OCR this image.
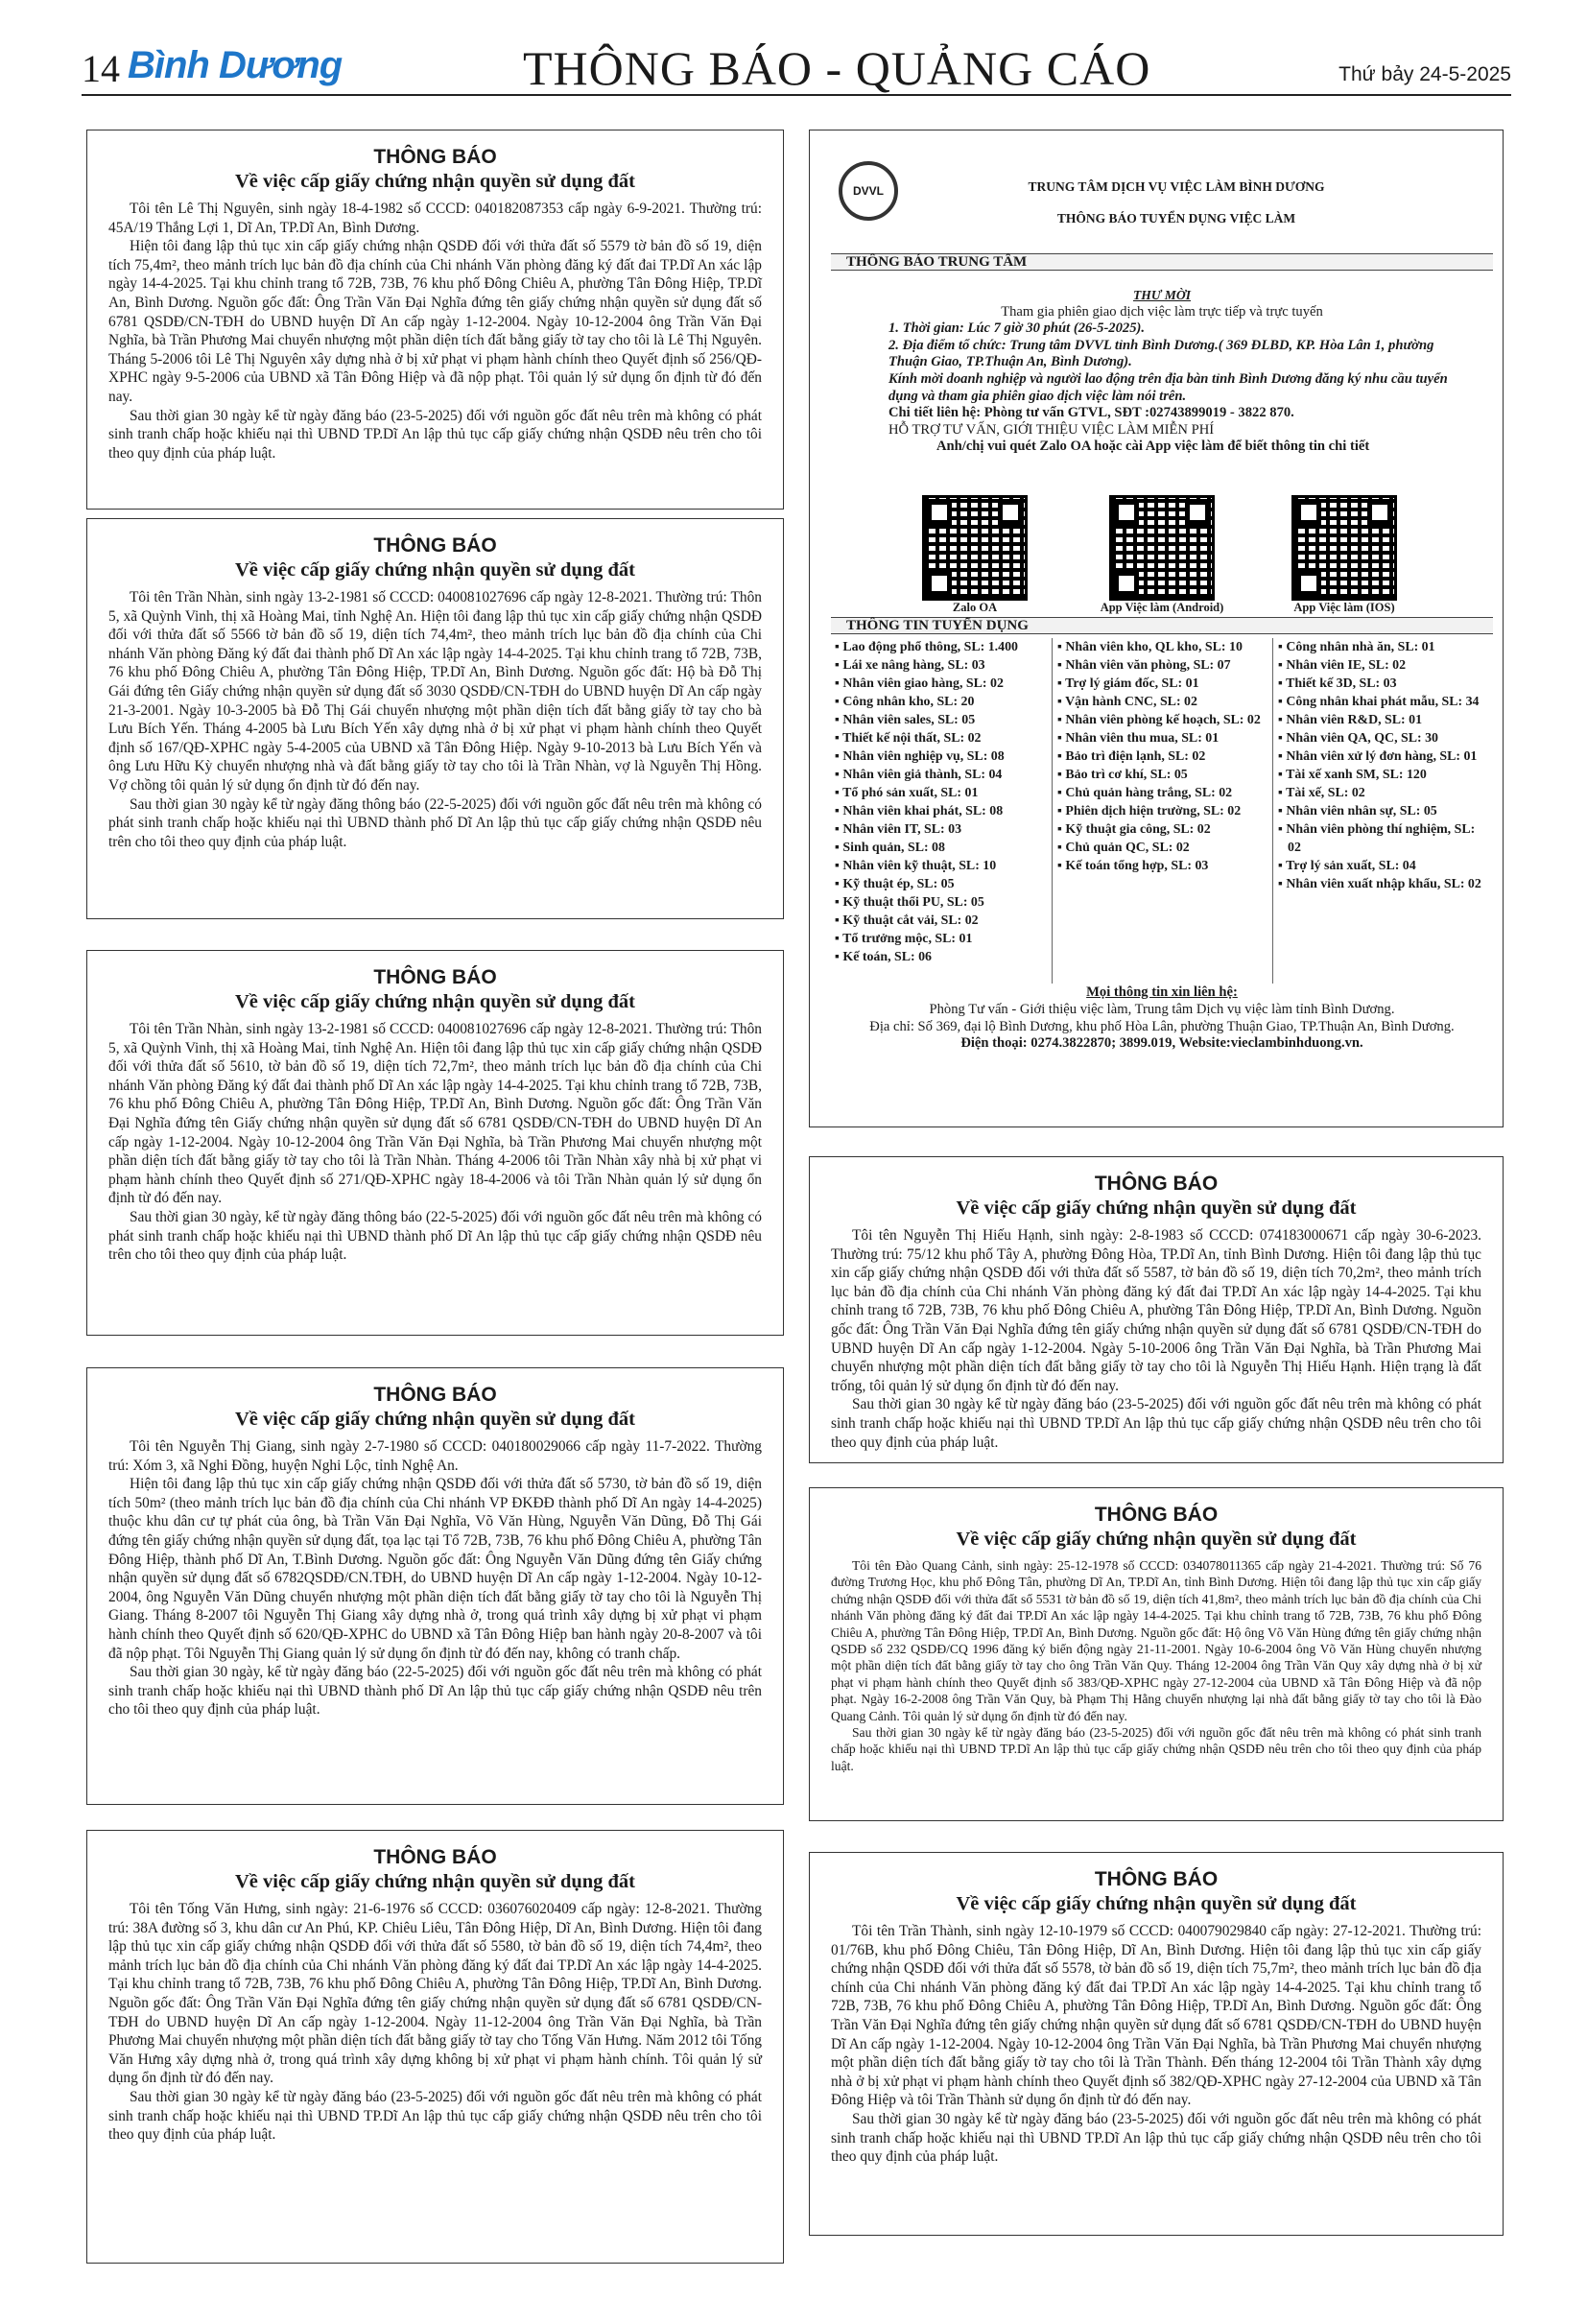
14 Bình Dương	THÔNG BÁO - QUẢNG CÁO	Thứ bảy 24-5-2025
THÔNG BÁO
Về việc cấp giấy chứng nhận quyền sử dụng đất

Tôi tên Lê Thị Nguyên, sinh ngày 18-4-1982 số CCCD: 040182087353 cấp ngày 6-9-2021. Thường trú: 45A/19 Thắng Lợi 1, Dĩ An, TP.Dĩ An, Bình Dương.

Hiện tôi đang lập thủ tục xin cấp giấy chứng nhận QSDĐ đối với thửa đất số 5579 tờ bản đồ số 19, diện tích 75,4m², theo mảnh trích lục bản đồ địa chính của Chi nhánh Văn phòng đăng ký đất đai TP.Dĩ An xác lập ngày 14-4-2025. Tại khu chỉnh trang tổ 72B, 73B, 76 khu phố Đông Chiêu A, phường Tân Đông Hiệp, TP.Dĩ An, Bình Dương. Nguồn gốc đất: Ông Trần Văn Đại Nghĩa đứng tên giấy chứng nhận quyền sử dụng đất số 6781 QSDĐ/CN-TĐH do UBND huyện Dĩ An cấp ngày 1-12-2004. Ngày 10-12-2004 ông Trần Văn Đại Nghĩa, bà Trần Phương Mai chuyển nhượng một phần diện tích đất bằng giấy tờ tay cho tôi là Lê Thị Nguyên. Tháng 5-2006 tôi Lê Thị Nguyên xây dựng nhà ở bị xử phạt vi phạm hành chính theo Quyết định số 256/QĐ-XPHC ngày 9-5-2006 của UBND xã Tân Đông Hiệp và đã nộp phạt. Tôi quản lý sử dụng ổn định từ đó đến nay.

Sau thời gian 30 ngày kể từ ngày đăng báo (23-5-2025) đối với nguồn gốc đất nêu trên mà không có phát sinh tranh chấp hoặc khiếu nại thì UBND TP.Dĩ An lập thủ tục cấp giấy chứng nhận QSDĐ nêu trên cho tôi theo quy định của pháp luật.

THÔNG BÁO
Về việc cấp giấy chứng nhận quyền sử dụng đất

Tôi tên Trần Nhàn, sinh ngày 13-2-1981 số CCCD: 040081027696 cấp ngày 12-8-2021. Thường trú: Thôn 5, xã Quỳnh Vinh, thị xã Hoàng Mai, tỉnh Nghệ An. Hiện tôi đang lập thủ tục xin cấp giấy chứng nhận QSDĐ đối với thửa đất số 5566 tờ bản đồ số 19, diện tích 74,4m², theo mảnh trích lục bản đồ địa chính của Chi nhánh Văn phòng Đăng ký đất đai thành phố Dĩ An xác lập ngày 14-4-2025. Tại khu chỉnh trang tổ 72B, 73B, 76 khu phố Đông Chiêu A, phường Tân Đông Hiệp, TP.Dĩ An, Bình Dương. Nguồn gốc đất: Hộ bà Đỗ Thị Gái đứng tên Giấy chứng nhận quyền sử dụng đất số 3030 QSDĐ/CN-TĐH do UBND huyện Dĩ An cấp ngày 21-3-2001. Ngày 10-3-2005 bà Đỗ Thị Gái chuyển nhượng một phần diện tích đất bằng giấy tờ tay cho bà Lưu Bích Yến. Tháng 4-2005 bà Lưu Bích Yến xây dựng nhà ở bị xử phạt vi phạm hành chính theo Quyết định số 167/QĐ-XPHC ngày 5-4-2005 của UBND xã Tân Đông Hiệp. Ngày 9-10-2013 bà Lưu Bích Yến và ông Lưu Hữu Kỳ chuyển nhượng nhà và đất bằng giấy tờ tay cho tôi là Trần Nhàn, vợ là Nguyễn Thị Hồng. Vợ chồng tôi quản lý sử dụng ổn định từ đó đến nay.

Sau thời gian 30 ngày kể từ ngày đăng thông báo (22-5-2025) đối với nguồn gốc đất nêu trên mà không có phát sinh tranh chấp hoặc khiếu nại thì UBND thành phố Dĩ An lập thủ tục cấp giấy chứng nhận QSDĐ nêu trên cho tôi theo quy định của pháp luật.

THÔNG BÁO
Về việc cấp giấy chứng nhận quyền sử dụng đất

Tôi tên Trần Nhàn, sinh ngày 13-2-1981 số CCCD: 040081027696 cấp ngày 12-8-2021. Thường trú: Thôn 5, xã Quỳnh Vinh, thị xã Hoàng Mai, tỉnh Nghệ An. Hiện tôi đang lập thủ tục xin cấp giấy chứng nhận QSDĐ đối với thửa đất số 5610, tờ bản đồ số 19, diện tích 72,7m², theo mảnh trích lục bản đồ địa chính của Chi nhánh Văn phòng Đăng ký đất đai thành phố Dĩ An xác lập ngày 14-4-2025. Tại khu chỉnh trang tổ 72B, 73B, 76 khu phố Đông Chiêu A, phường Tân Đông Hiệp, TP.Dĩ An, Bình Dương. Nguồn gốc đất: Ông Trần Văn Đại Nghĩa đứng tên Giấy chứng nhận quyền sử dụng đất số 6781 QSDĐ/CN-TĐH do UBND huyện Dĩ An cấp ngày 1-12-2004. Ngày 10-12-2004 ông Trần Văn Đại Nghĩa, bà Trần Phương Mai chuyển nhượng một phần diện tích đất bằng giấy tờ tay cho tôi là Trần Nhàn. Tháng 4-2006 tôi Trần Nhàn xây nhà bị xử phạt vi phạm hành chính theo Quyết định số 271/QĐ-XPHC ngày 18-4-2006 và tôi Trần Nhàn quản lý sử dụng ổn định từ đó đến nay.

Sau thời gian 30 ngày, kể từ ngày đăng thông báo (22-5-2025) đối với nguồn gốc đất nêu trên mà không có phát sinh tranh chấp hoặc khiếu nại thì UBND thành phố Dĩ An lập thủ tục cấp giấy chứng nhận QSDĐ nêu trên cho tôi theo quy định của pháp luật.

THÔNG BÁO
Về việc cấp giấy chứng nhận quyền sử dụng đất

Tôi tên Nguyễn Thị Giang, sinh ngày 2-7-1980 số CCCD: 040180029066 cấp ngày 11-7-2022. Thường trú: Xóm 3, xã Nghi Đồng, huyện Nghi Lộc, tỉnh Nghệ An.

Hiện tôi đang lập thủ tục xin cấp giấy chứng nhận QSDĐ đối với thửa đất số 5730, tờ bản đồ số 19, diện tích 50m² (theo mảnh trích lục bản đồ địa chính của Chi nhánh VP ĐKĐĐ thành phố Dĩ An ngày 14-4-2025) thuộc khu dân cư tự phát của ông, bà Trần Văn Đại Nghĩa, Võ Văn Hùng, Nguyễn Văn Dũng, Đỗ Thị Gái đứng tên giấy chứng nhận quyền sử dụng đất, tọa lạc tại Tổ 72B, 73B, 76 khu phố Đông Chiêu A, phường Tân Đông Hiệp, thành phố Dĩ An, T.Bình Dương. Nguồn gốc đất: Ông Nguyễn Văn Dũng đứng tên Giấy chứng nhận quyền sử dụng đất số 6782QSDĐ/CN.TĐH, do UBND huyện Dĩ An cấp ngày 1-12-2004. Ngày 10-12-2004, ông Nguyễn Văn Dũng chuyển nhượng một phần diện tích đất bằng giấy tờ tay cho tôi là Nguyễn Thị Giang. Tháng 8-2007 tôi Nguyễn Thị Giang xây dựng nhà ở, trong quá trình xây dựng bị xử phạt vi phạm hành chính theo Quyết định số 620/QĐ-XPHC do UBND xã Tân Đông Hiệp ban hành ngày 20-8-2007 và tôi đã nộp phạt. Tôi Nguyễn Thị Giang quản lý sử dụng ổn định từ đó đến nay, không có tranh chấp.

Sau thời gian 30 ngày, kể từ ngày đăng báo (22-5-2025) đối với nguồn gốc đất nêu trên mà không có phát sinh tranh chấp hoặc khiếu nại thì UBND thành phố Dĩ An lập thủ tục cấp giấy chứng nhận QSDĐ nêu trên cho tôi theo quy định của pháp luật.

THÔNG BÁO
Về việc cấp giấy chứng nhận quyền sử dụng đất

Tôi tên Tống Văn Hưng, sinh ngày: 21-6-1976 số CCCD: 036076020409 cấp ngày: 12-8-2021. Thường trú: 38A đường số 3, khu dân cư An Phú, KP. Chiêu Liêu, Tân Đông Hiệp, Dĩ An, Bình Dương. Hiện tôi đang lập thủ tục xin cấp giấy chứng nhận QSDĐ đối với thửa đất số 5580, tờ bản đồ số 19, diện tích 74,4m², theo mảnh trích lục bản đồ địa chính của Chi nhánh Văn phòng đăng ký đất đai TP.Dĩ An xác lập ngày 14-4-2025. Tại khu chỉnh trang tổ 72B, 73B, 76 khu phố Đông Chiêu A, phường Tân Đông Hiệp, TP.Dĩ An, Bình Dương. Nguồn gốc đất: Ông Trần Văn Đại Nghĩa đứng tên giấy chứng nhận quyền sử dụng đất số 6781 QSDĐ/CN-TĐH do UBND huyện Dĩ An cấp ngày 1-12-2004. Ngày 11-12-2004 ông Trần Văn Đại Nghĩa, bà Trần Phương Mai chuyển nhượng một phần diện tích đất bằng giấy tờ tay cho Tống Văn Hưng. Năm 2012 tôi Tống Văn Hưng xây dựng nhà ở, trong quá trình xây dựng không bị xử phạt vi phạm hành chính. Tôi quản lý sử dụng ổn định từ đó đến nay.

Sau thời gian 30 ngày kể từ ngày đăng báo (23-5-2025) đối với nguồn gốc đất nêu trên mà không có phát sinh tranh chấp hoặc khiếu nại thì UBND TP.Dĩ An lập thủ tục cấp giấy chứng nhận QSDĐ nêu trên cho tôi theo quy định của pháp luật.

DVVL	TRUNG TÂM DỊCH VỤ VIỆC LÀM BÌNH DƯƠNG
THÔNG BÁO TUYỂN DỤNG VIỆC LÀM
THÔNG BÁO TRUNG TÂM
THƯ MỜI
Tham gia phiên giao dịch việc làm trực tiếp và trực tuyến
1. Thời gian: Lúc 7 giờ 30 phút (26-5-2025).
2. Địa điểm tổ chức: Trung tâm DVVL tỉnh Bình Dương.( 369 ĐLBD, KP. Hòa Lân 1, phường Thuận Giao, TP.Thuận An, Bình Dương).
Kính mời doanh nghiệp và người lao động trên địa bàn tỉnh Bình Dương đăng ký nhu cầu tuyển dụng và tham gia phiên giao dịch việc làm nói trên.
Chi tiết liên hệ: Phòng tư vấn GTVL, SĐT :02743899019 - 3822 870.
HỖ TRỢ TƯ VẤN, GIỚI THIỆU VIỆC LÀM MIỄN PHÍ
Anh/chị vui quét Zalo OA hoặc cài App việc làm để biết thông tin chi tiết
Zalo OA	App Việc làm (Android)	App Việc làm (IOS)
THÔNG TIN TUYỂN DỤNG
▪ Lao động phổ thông, SL: 1.400
▪ Lái xe nâng hàng, SL: 03
▪ Nhân viên giao hàng, SL: 02
▪ Công nhân kho, SL: 20
▪ Nhân viên sales, SL: 05
▪ Thiết kế nội thất, SL: 02
▪ Nhân viên nghiệp vụ, SL: 08
▪ Nhân viên giả thành, SL: 04
▪ Tổ phó sản xuất, SL: 01
▪ Nhân viên khai phát, SL: 08
▪ Nhân viên IT, SL: 03
▪ Sinh quản, SL: 08
▪ Nhân viên kỹ thuật, SL: 10
▪ Kỹ thuật ép, SL: 05
▪ Kỹ thuật thổi PU, SL: 05
▪ Kỹ thuật cắt vải, SL: 02
▪ Tổ trưởng mộc, SL: 01
▪ Kế toán, SL: 06
▪ Nhân viên kho, QL kho, SL: 10
▪ Nhân viên văn phòng, SL: 07
▪ Trợ lý giám đốc, SL: 01
▪ Vận hành CNC, SL: 02
▪ Nhân viên phòng kế hoạch, SL: 02
▪ Nhân viên thu mua, SL: 01
▪ Bảo trì điện lạnh, SL: 02
▪ Bảo trì cơ khí, SL: 05
▪ Chủ quản hàng trắng, SL: 02
▪ Phiên dịch hiện trường, SL: 02
▪ Kỹ thuật gia công, SL: 02
▪ Chủ quản QC, SL: 02
▪ Kế toán tổng hợp, SL: 03
▪ Công nhân nhà ăn, SL: 01
▪ Nhân viên IE, SL: 02
▪ Thiết kế 3D, SL: 03
▪ Công nhân khai phát mẫu, SL: 34
▪ Nhân viên R&D, SL: 01
▪ Nhân viên QA, QC, SL: 30
▪ Nhân viên xử lý đơn hàng, SL: 01
▪ Tài xế xanh SM, SL: 120
▪ Tài xế, SL: 02
▪ Nhân viên nhân sự, SL: 05
▪ Nhân viên phòng thí nghiệm, SL: 02
▪ Trợ lý sản xuất, SL: 04
▪ Nhân viên xuất nhập khẩu, SL: 02
Mọi thông tin xin liên hệ:
Phòng Tư vấn - Giới thiệu việc làm, Trung tâm Dịch vụ việc làm tỉnh Bình Dương.
Địa chỉ: Số 369, đại lộ Bình Dương, khu phố Hòa Lân, phường Thuận Giao, TP.Thuận An, Bình Dương.
Điện thoại: 0274.3822870; 3899.019, Website:vieclambinhduong.vn.
THÔNG BÁO
Về việc cấp giấy chứng nhận quyền sử dụng đất

Tôi tên Nguyễn Thị Hiếu Hạnh, sinh ngày: 2-8-1983 số CCCD: 074183000671 cấp ngày 30-6-2023. Thường trú: 75/12 khu phố Tây A, phường Đông Hòa, TP.Dĩ An, tỉnh Bình Dương. Hiện tôi đang lập thủ tục xin cấp giấy chứng nhận QSDĐ đối với thửa đất số 5587, tờ bản đồ số 19, diện tích 70,2m², theo mảnh trích lục bản đồ địa chính của Chi nhánh Văn phòng đăng ký đất đai TP.Dĩ An xác lập ngày 14-4-2025. Tại khu chỉnh trang tổ 72B, 73B, 76 khu phố Đông Chiêu A, phường Tân Đông Hiệp, TP.Dĩ An, Bình Dương. Nguồn gốc đất: Ông Trần Văn Đại Nghĩa đứng tên giấy chứng nhận quyền sử dụng đất số 6781 QSDĐ/CN-TĐH do UBND huyện Dĩ An cấp ngày 1-12-2004. Ngày 5-10-2006 ông Trần Văn Đại Nghĩa, bà Trần Phương Mai chuyển nhượng một phần diện tích đất bằng giấy tờ tay cho tôi là Nguyễn Thị Hiếu Hạnh. Hiện trạng là đất trống, tôi quản lý sử dụng ổn định từ đó đến nay.

Sau thời gian 30 ngày kể từ ngày đăng báo (23-5-2025) đối với nguồn gốc đất nêu trên mà không có phát sinh tranh chấp hoặc khiếu nại thì UBND TP.Dĩ An lập thủ tục cấp giấy chứng nhận QSDĐ nêu trên cho tôi theo quy định của pháp luật.

THÔNG BÁO
Về việc cấp giấy chứng nhận quyền sử dụng đất

Tôi tên Đào Quang Cảnh, sinh ngày: 25-12-1978 số CCCD: 034078011365 cấp ngày 21-4-2021. Thường trú: Số 76 đường Trương Học, khu phố Đông Tân, phường Dĩ An, TP.Dĩ An, tỉnh Bình Dương. Hiện tôi đang lập thủ tục xin cấp giấy chứng nhận QSDĐ đối với thửa đất số 5531 tờ bản đồ số 19, diện tích 41,8m², theo mảnh trích lục bản đồ địa chính của Chi nhánh Văn phòng đăng ký đất đai TP.Dĩ An xác lập ngày 14-4-2025. Tại khu chỉnh trang tổ 72B, 73B, 76 khu phố Đông Chiêu A, phường Tân Đông Hiệp, TP.Dĩ An, Bình Dương. Nguồn gốc đất: Hộ ông Võ Văn Hùng đứng tên giấy chứng nhận QSDĐ số 232 QSDĐ/CQ 1996 đăng ký biến động ngày 21-11-2001. Ngày 10-6-2004 ông Võ Văn Hùng chuyển nhượng một phần diện tích đất bằng giấy tờ tay cho ông Trần Văn Quy. Tháng 12-2004 ông Trần Văn Quy xây dựng nhà ở bị xử phạt vi phạm hành chính theo Quyết định số 383/QĐ-XPHC ngày 27-12-2004 của UBND xã Tân Đông Hiệp và đã nộp phạt. Ngày 16-2-2008 ông Trần Văn Quy, bà Phạm Thị Hằng chuyển nhượng lại nhà đất bằng giấy tờ tay cho tôi là Đào Quang Cảnh. Tôi quản lý sử dụng ổn định từ đó đến nay.

Sau thời gian 30 ngày kể từ ngày đăng báo (23-5-2025) đối với nguồn gốc đất nêu trên mà không có phát sinh tranh chấp hoặc khiếu nại thì UBND TP.Dĩ An lập thủ tục cấp giấy chứng nhận QSDĐ nêu trên cho tôi theo quy định của pháp luật.

THÔNG BÁO
Về việc cấp giấy chứng nhận quyền sử dụng đất

Tôi tên Trần Thành, sinh ngày 12-10-1979 số CCCD: 040079029840 cấp ngày: 27-12-2021. Thường trú: 01/76B, khu phố Đông Chiêu, Tân Đông Hiệp, Dĩ An, Bình Dương. Hiện tôi đang lập thủ tục xin cấp giấy chứng nhận QSDĐ đối với thửa đất số 5578, tờ bản đồ số 19, diện tích 75,7m², theo mảnh trích lục bản đồ địa chính của Chi nhánh Văn phòng đăng ký đất đai TP.Dĩ An xác lập ngày 14-4-2025. Tại khu chỉnh trang tổ 72B, 73B, 76 khu phố Đông Chiêu A, phường Tân Đông Hiệp, TP.Dĩ An, Bình Dương. Nguồn gốc đất: Ông Trần Văn Đại Nghĩa đứng tên giấy chứng nhận quyền sử dụng đất số 6781 QSDĐ/CN-TĐH do UBND huyện Dĩ An cấp ngày 1-12-2004. Ngày 10-12-2004 ông Trần Văn Đại Nghĩa, bà Trần Phương Mai chuyển nhượng một phần diện tích đất bằng giấy tờ tay cho tôi là Trần Thành. Đến tháng 12-2004 tôi Trần Thành xây dựng nhà ở bị xử phạt vi phạm hành chính theo Quyết định số 382/QĐ-XPHC ngày 27-12-2004 của UBND xã Tân Đông Hiệp và tôi Trần Thành sử dụng ổn định từ đó đến nay.

Sau thời gian 30 ngày kể từ ngày đăng báo (23-5-2025) đối với nguồn gốc đất nêu trên mà không có phát sinh tranh chấp hoặc khiếu nại thì UBND TP.Dĩ An lập thủ tục cấp giấy chứng nhận QSDĐ nêu trên cho tôi theo quy định của pháp luật.
